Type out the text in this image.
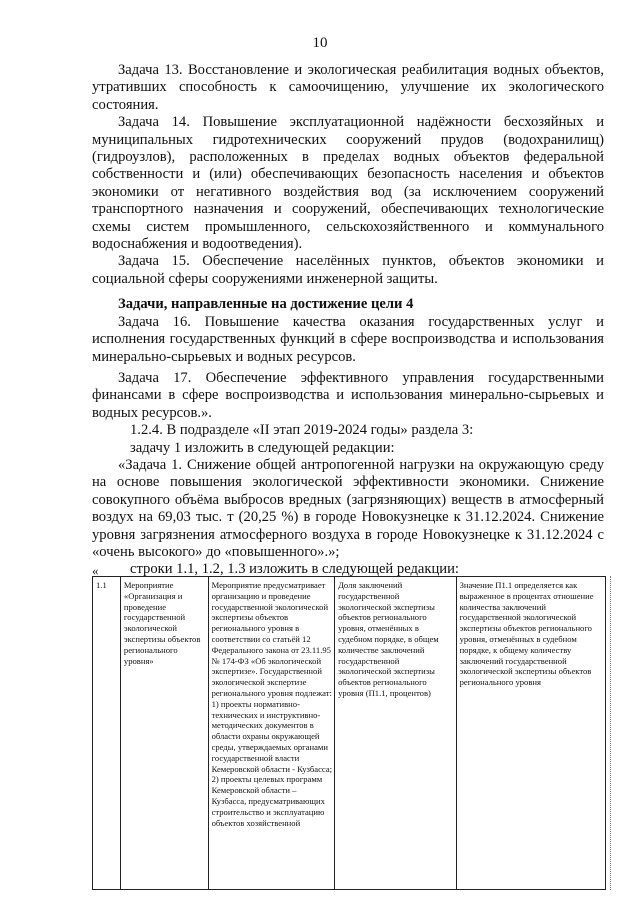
10

Задача 13. Восстановление и экологическая реабилитация водных объектов, утративших способность к самоочищению, улучшение их экологического состояния.

Задача 14. Повышение эксплуатационной надёжности бесхозяйных и муниципальных гидротехнических сооружений прудов (водохранилищ) (гидроузлов), расположенных в пределах водных объектов федеральной собственности и (или) обеспечивающих безопасность населения и объектов экономики от негативного воздействия вод (за исключением сооружений транспортного назначения и сооружений, обеспечивающих технологические схемы систем промышленного, сельскохозяйственного и коммунального водоснабжения и водоотведения).

Задача 15. Обеспечение населённых пунктов, объектов экономики и социальной сферы сооружениями инженерной защиты.

Задачи, направленные на достижение цели 4

Задача 16. Повышение качества оказания государственных услуг и исполнения государственных функций в сфере воспроизводства и использования минерально-сырьевых и водных ресурсов.

Задача 17. Обеспечение эффективного управления государственными финансами в сфере воспроизводства и использования минерально-сырьевых и водных ресурсов.».

1.2.4. В подразделе «II этап 2019-2024 годы» раздела 3:

задачу 1 изложить в следующей редакции:

«Задача 1. Снижение общей антропогенной нагрузки на окружающую среду на основе повышения экологической эффективности экономики. Снижение совокупного объёма выбросов вредных (загрязняющих) веществ в атмосферный воздух на 69,03 тыс. т (20,25 %) в городе Новокузнецке к 31.12.2024. Снижение уровня загрязнения атмосферного воздуха в городе Новокузнецке к 31.12.2024 с «очень высокого» до «повышенного».»;

строки 1.1, 1.2, 1.3 изложить в следующей редакции:

«
1.1	Мероприятие «Организация и проведение государственной экологической экспертизы объектов регионального уровня»
Мероприятие предусматривает организацию и проведение государственной экологической экспертизы объектов регионального уровня в соответствии со статьёй 12 Федерального закона от 23.11.95 № 174-ФЗ «Об экологической экспертизе». Государственной экологической экспертизе регионального уровня подлежат: 1) проекты нормативно-технических и инструктивно-методических документов в области охраны окружающей среды, утверждаемых органами государственной власти Кемеровской области - Кузбасса; 2) проекты целевых программ Кемеровской области – Кузбасса, предусматривающих строительство и эксплуатацию объектов хозяйственной
Доля заключений государственной экологической экспертизы объектов регионального уровня, отменённых в судебном порядке, в общем количестве заключений государственной экологической экспертизы объектов регионального уровня (П1.1, процентов)
Значение П1.1 определяется как выраженное в процентах отношение количества заключений государственной экологической экспертизы объектов регионального уровня, отменённых в судебном порядке, к общему количеству заключений государственной экологической экспертизы объектов регионального уровня
